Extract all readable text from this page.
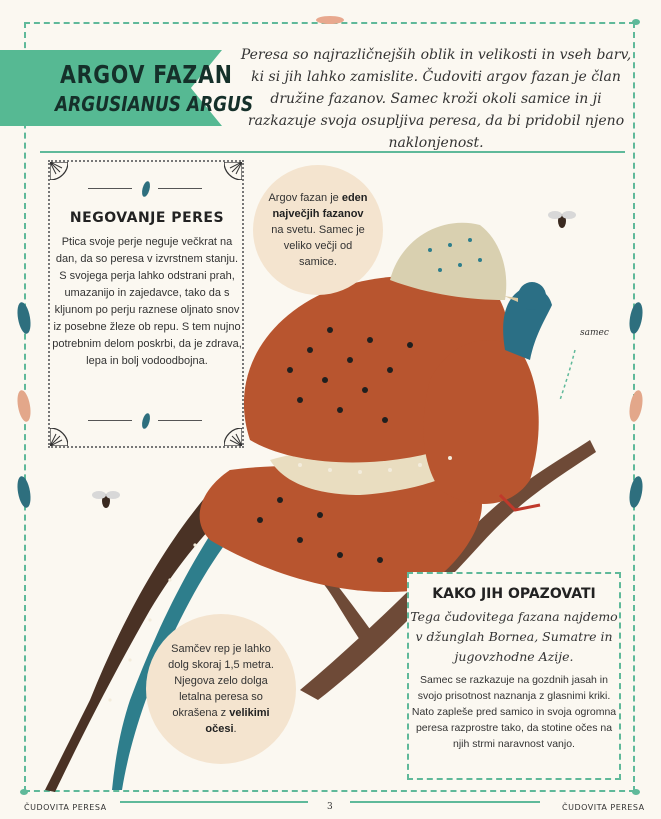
ARGOV FAZAN
ARGUSIANUS ARGUS
Peresa so najrazličnejših oblik in velikosti in vseh barv, ki si jih lahko zamislite. Čudoviti argov fazan je član družine fazanov. Samec kroži okoli samice in ji razkazuje svoja osupljiva peresa, da bi pridobil njeno naklonjenost.
NEGOVANJE PERES
Ptica svoje perje neguje večkrat na dan, da so peresa v izvrstnem stanju. S svojega perja lahko odstrani prah, umazanijo in zajedavce, tako da s kljunom po perju raznese oljnato snov iz posebne žleze ob repu. S tem nujno potrebnim delom poskrbi, da je zdrava, lepa in bolj vodoodbojna.
Argov fazan je eden največjih fazanov na svetu. Samec je veliko večji od samice.
Samčev rep je lahko dolg skoraj 1,5 metra. Njegova zelo dolga letalna peresa so okrašena z velikimi očesi.
samec
KAKO JIH OPAZOVATI
Tega čudovitega fazana najdemo v džunglah Bornea, Sumatre in jugovzhodne Azije.
Samec se razkazuje na gozdnih jasah in svojo prisotnost naznanja z glasnimi kriki. Nato zapleše pred samico in svoja ogromna peresa razprostre tako, da stotine očes na njih strmi naravnost vanjo.
ČUDOVITA PERESA	3	ČUDOVITA PERESA
